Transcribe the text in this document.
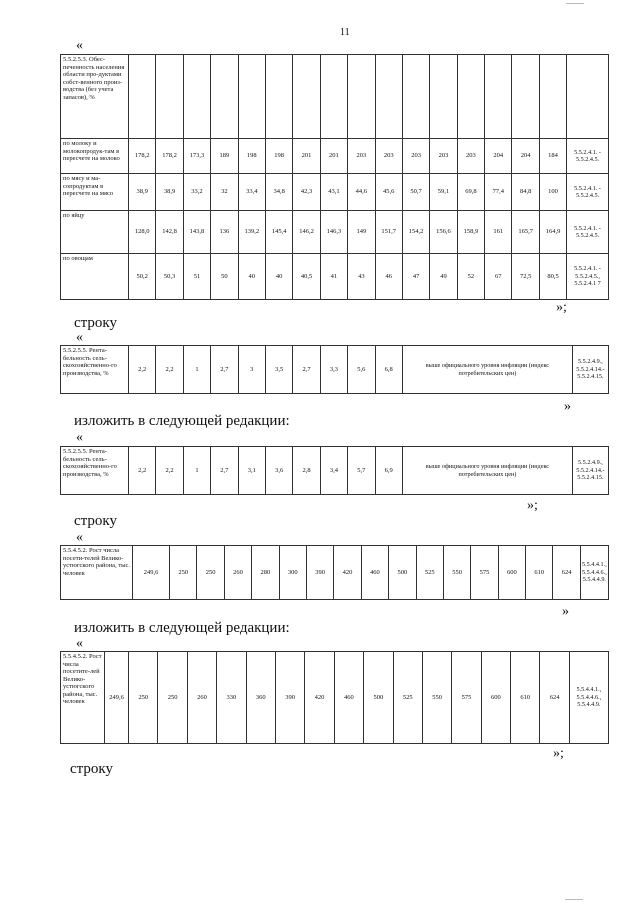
11
«
5.5.2.5.3. Обес-печенность населения области про-дуктами собст-венного произ-водства (без учета запасов), %																	
по молоку и молокопродук-там в пересчете на молоко	178,2	178,2	173,3	189	198	198	201	201	203	203	203	203	203	204	204	184	5.5.2.4.1. - 5.5.2.4.5.
по мясу и ма-сопродуктам в пересчете на мясо	38,9	38,9	33,2	32	33,4	34,8	42,3	43,1	44,6	45,6	50,7	59,1	69,8	77,4	84,8	100	5.5.2.4.1. - 5.5.2.4.5.
по яйцу	128,0	142,8	143,8	136	139,2	145,4	146,2	146,3	149	151,7	154,2	156,6	158,9	161	165,7	164,9	5.5.2.4.1. - 5.5.2.4.5.
по овощам	50,2	50,3	51	50	40	40	40,5	41	43	46	47	49	52	67	72,5	80,5	5.5.2.4.1. - 5.5.2.4.5., 5.5.2.4.1 7
»;
строку
«
5.5.2.5.5. Рента-бельность сель-скохозяйственно-го производства, %	2,2	2,2	1	2,7	3	3,5	2,7	3,3	5,6	6,8	выше официального уровня инфляции (индекс потребительских цен)	5.5.2.4.9., 5.5.2.4.14.- 5.5.2.4.15.
»
изложить в следующей редакции:
«
5.5.2.5.5. Рента-бельность сель-скохозяйственно-го производства, %	2,2	2,2	1	2,7	3,1	3,6	2,8	3,4	5,7	6,9	выше официального уровня инфляции (индекс потребительских цен)	5.5.2.4.9., 5.5.2.4.14.- 5.5.2.4.15.
»;
строку
«
5.5.4.5.2. Рост числа посети-телей Велико-устюгского района, тыс. человек	249,6	250	250	260	280	300	390	420	460	500	525	550	575	600	610	624	5.5.4.4.1., 5.5.4.4.6., 5.5.4.4.9.
»
изложить в следующей редакции:
«
5.5.4.5.2. Рост числа посетите-лей Велико-устюгского района, тыс. человек	249,6	250	250	260	330	360	390	420	460	500	525	550	575	600	610	624	5.5.4.4.1., 5.5.4.4.6., 5.5.4.4.9.
»;
строку
